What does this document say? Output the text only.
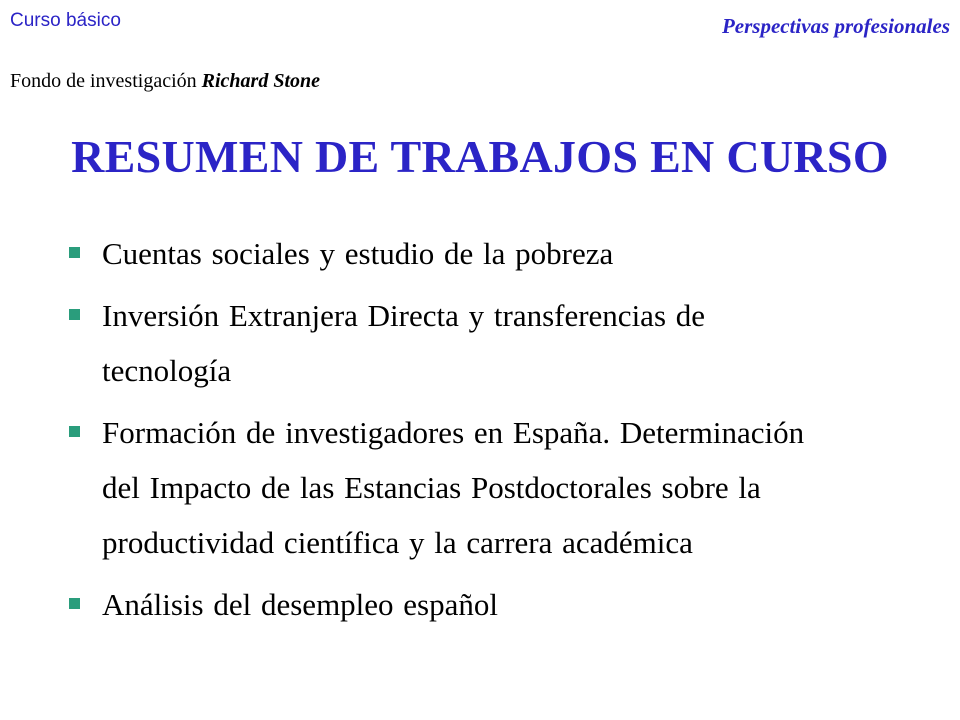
Curso básico	Perspectivas profesionales
Fondo de investigación Richard Stone
RESUMEN DE TRABAJOS EN CURSO
Cuentas sociales y estudio de la pobreza
Inversión Extranjera Directa y transferencias de
tecnología
Formación de investigadores en España. Determinación
del Impacto de las Estancias Postdoctorales sobre la
productividad científica y la carrera académica
Análisis del desempleo español
